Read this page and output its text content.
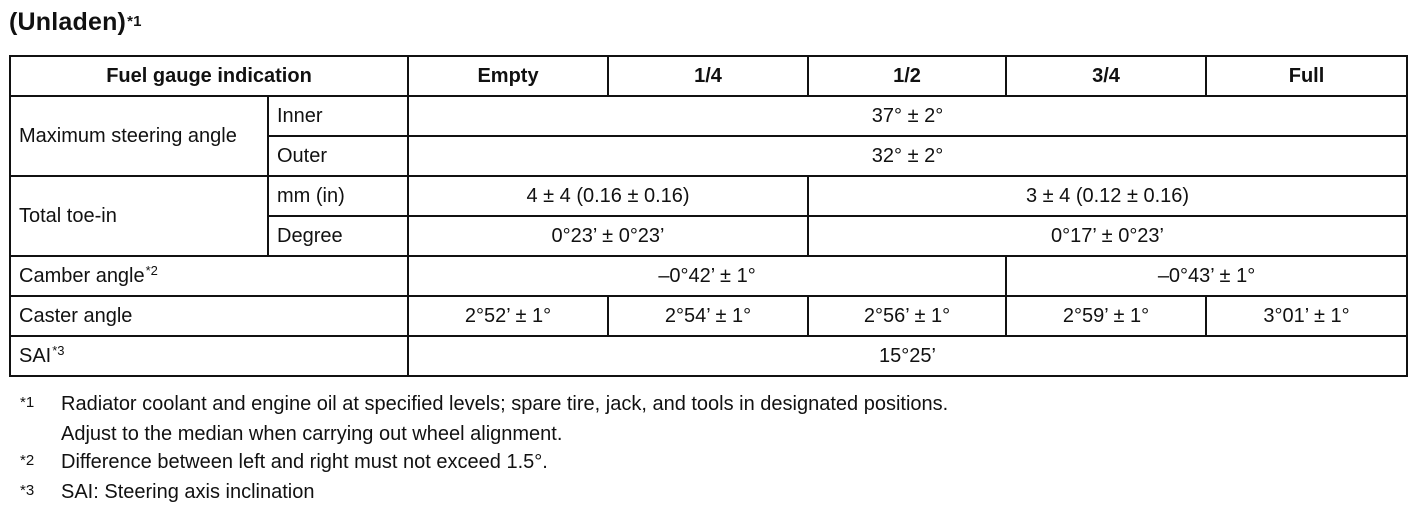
(Unladen)$^{*1}$
Fuel gauge indication		Empty	1/4	1/2	3/4	Full
Maximum steering angle	Inner	37° ± 2°				
	Outer	32° ± 2°				
Total toe-in	mm (in)	4 ± 4 (0.16 ± 0.16)		3 ± 4 (0.12 ± 0.16)		
	Degree	0°23’ ± 0°23’		0°17’ ± 0°23’		
Camber angle$^{*2}$		–0°42’ ± 1°			–0°43’ ± 1°	
Caster angle		2°52’ ± 1°	2°54’ ± 1°	2°56’ ± 1°	2°59’ ± 1°	3°01’ ± 1°
SAI$^{*3}$		15°25’				
*1	Radiator coolant and engine oil at specified levels; spare tire, jack, and tools in designated positions.
Adjust to the median when carrying out wheel alignment.
*2	Difference between left and right must not exceed 1.5°.
*3	SAI: Steering axis inclination
